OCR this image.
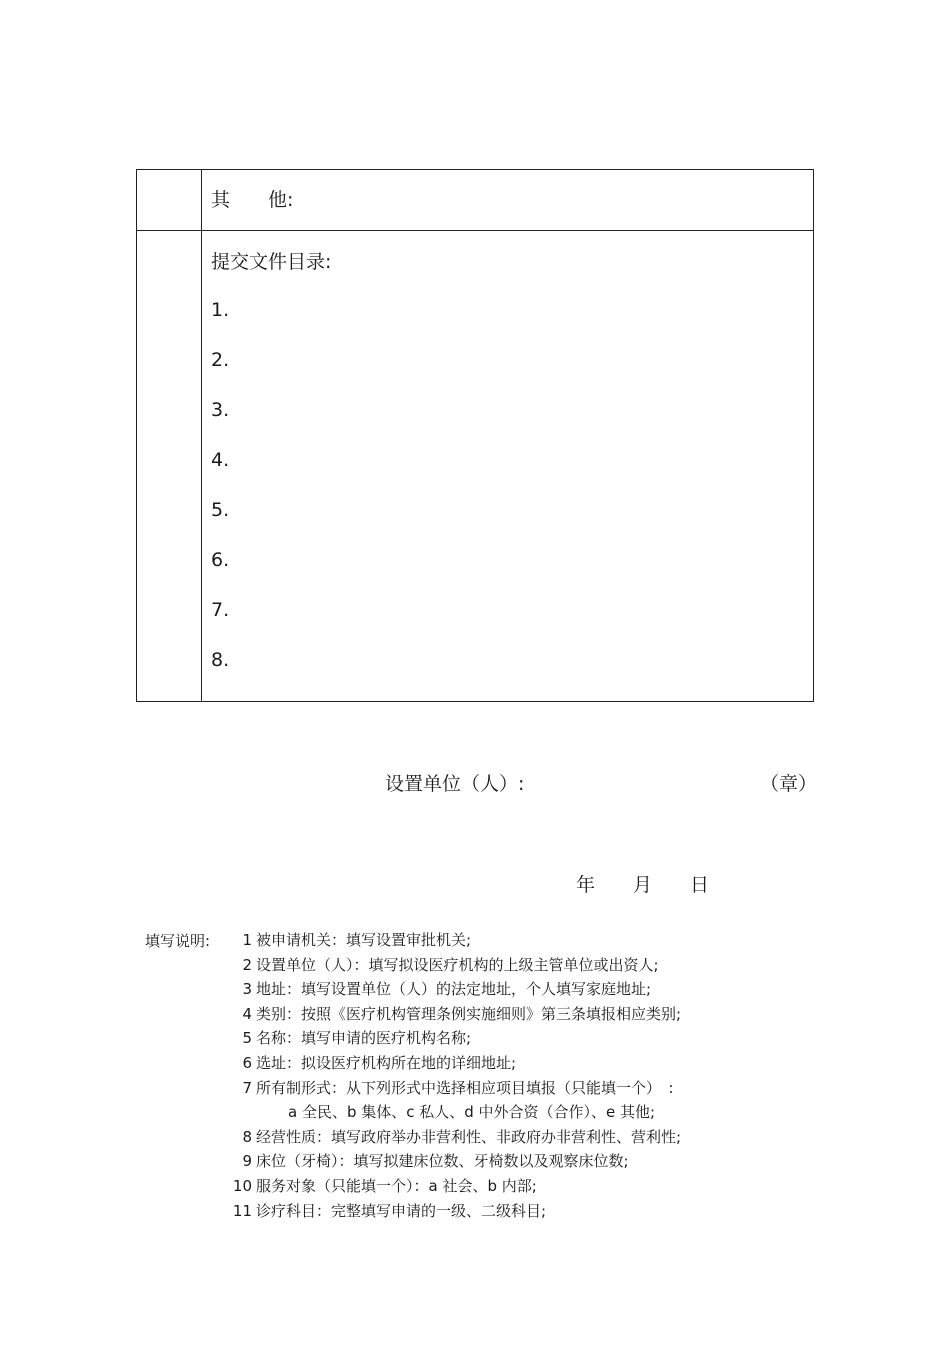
其　　他:
提交文件目录:
1.
2.
3.
4.
5.
6.
7.
8.
设置单位（人）:	（章）
年　　月　　日
填写说明:	1 被申请机关：填写设置审批机关;
2 设置单位（人）：填写拟设医疗机构的上级主管单位或出资人;
3 地址：填写设置单位（人）的法定地址，个人填写家庭地址;
4 类别：按照《医疗机构管理条例实施细则》第三条填报相应类别;
5 名称：填写申请的医疗机构名称;
6 选址：拟设医疗机构所在地的详细地址;
7 所有制形式：从下列形式中选择相应项目填报（只能填一个）　:
a 全民、b 集体、c 私人、d 中外合资（合作）、e 其他;
8 经营性质：填写政府举办非营利性、非政府办非营利性、营利性;
9 床位（牙椅）：填写拟建床位数、牙椅数以及观察床位数;
10 服务对象（只能填一个）：a 社会、b 内部;
11 诊疗科目：完整填写申请的一级、二级科目;
